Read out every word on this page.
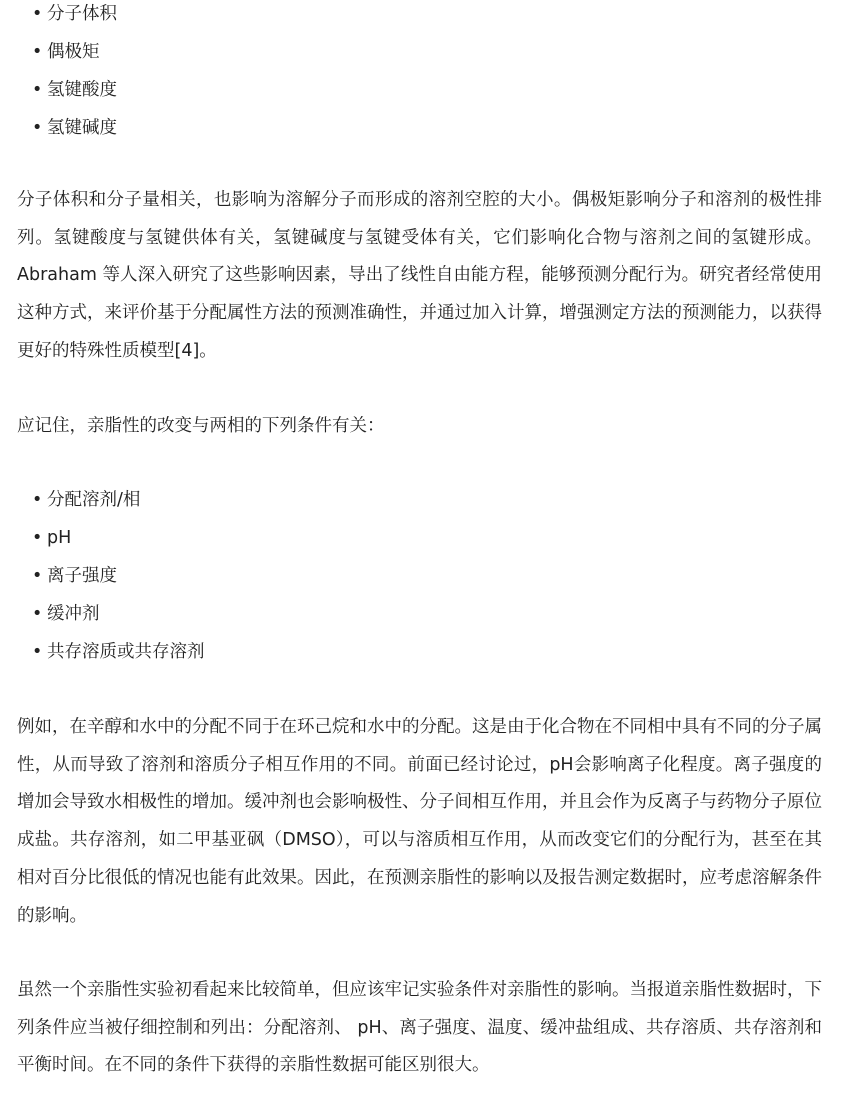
• 分子体积
• 偶极矩
• 氢键酸度
• 氢键碱度

分子体积和分子量相关，也影响为溶解分子而形成的溶剂空腔的大小。偶极矩影响分子和溶剂的极性排列。氢键酸度与氢键供体有关，氢键碱度与氢键受体有关，它们影响化合物与溶剂之间的氢键形成。Abraham 等人深入研究了这些影响因素，导出了线性自由能方程，能够预测分配行为。研究者经常使用这种方式，来评价基于分配属性方法的预测准确性，并通过加入计算，增强测定方法的预测能力，以获得更好的特殊性质模型[4]。

应记住，亲脂性的改变与两相的下列条件有关：

• 分配溶剂/相
• pH
• 离子强度
• 缓冲剂
• 共存溶质或共存溶剂

例如，在辛醇和水中的分配不同于在环己烷和水中的分配。这是由于化合物在不同相中具有不同的分子属性，从而导致了溶剂和溶质分子相互作用的不同。前面已经讨论过，pH会影响离子化程度。离子强度的增加会导致水相极性的增加。缓冲剂也会影响极性、分子间相互作用，并且会作为反离子与药物分子原位成盐。共存溶剂，如二甲基亚砜（DMSO），可以与溶质相互作用，从而改变它们的分配行为，甚至在其相对百分比很低的情况也能有此效果。因此，在预测亲脂性的影响以及报告测定数据时，应考虑溶解条件的影响。

虽然一个亲脂性实验初看起来比较简单，但应该牢记实验条件对亲脂性的影响。当报道亲脂性数据时，下列条件应当被仔细控制和列出：分配溶剂、 pH、离子强度、温度、缓冲盐组成、共存溶质、共存溶剂和平衡时间。在不同的条件下获得的亲脂性数据可能区别很大。
